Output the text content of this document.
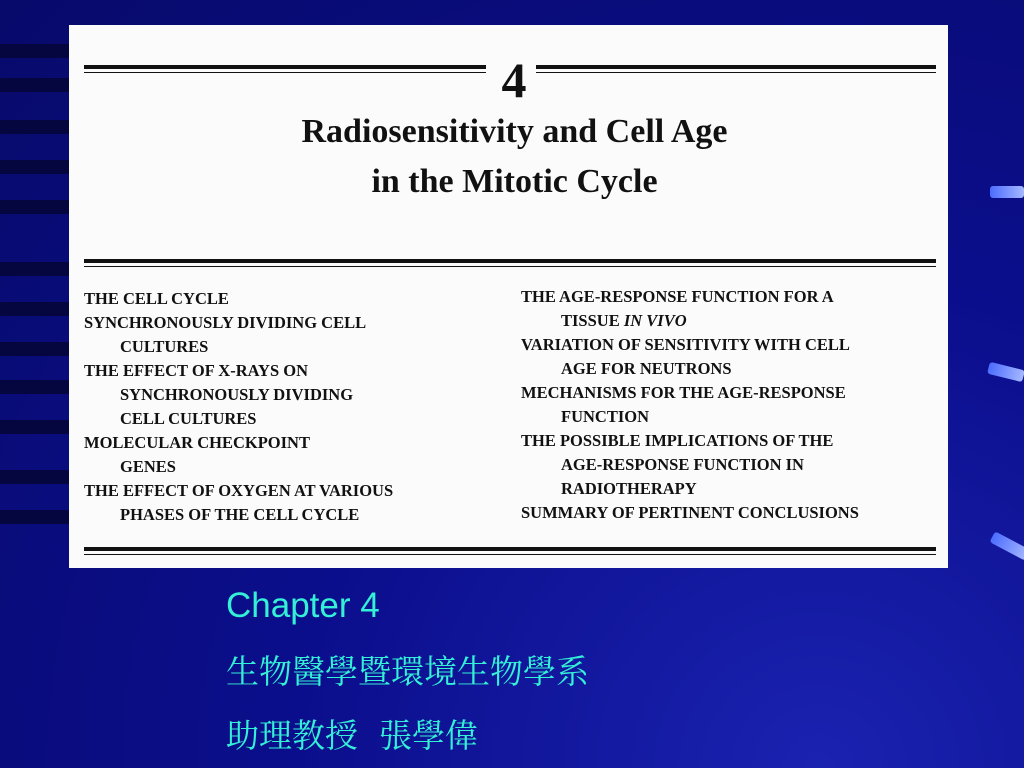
4
Radiosensitivity and Cell Age
in the Mitotic Cycle
THE CELL CYCLE
SYNCHRONOUSLY DIVIDING CELL
CULTURES
THE EFFECT OF X-RAYS ON
SYNCHRONOUSLY DIVIDING
CELL CULTURES
MOLECULAR CHECKPOINT
GENES
THE EFFECT OF OXYGEN AT VARIOUS
PHASES OF THE CELL CYCLE
THE AGE-RESPONSE FUNCTION FOR A
TISSUE IN VIVO
VARIATION OF SENSITIVITY WITH CELL
AGE FOR NEUTRONS
MECHANISMS FOR THE AGE-RESPONSE
FUNCTION
THE POSSIBLE IMPLICATIONS OF THE
AGE-RESPONSE FUNCTION IN
RADIOTHERAPY
SUMMARY OF PERTINENT CONCLUSIONS
Chapter 4
生物醫學暨環境生物學系
助理教授  張學偉
